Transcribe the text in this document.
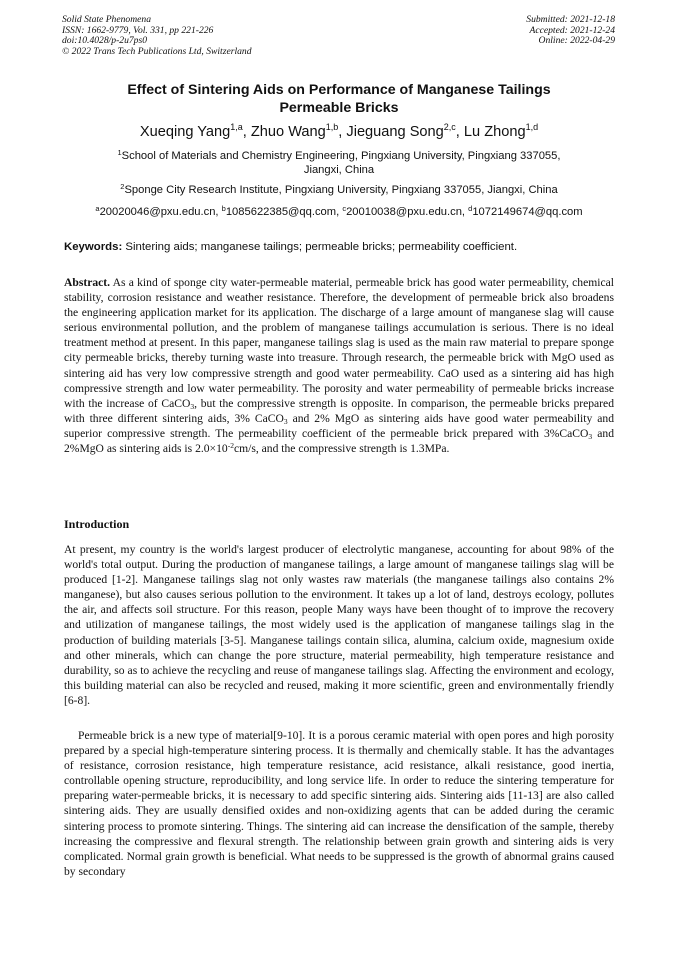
Solid State Phenomena
ISSN: 1662-9779, Vol. 331, pp 221-226
doi:10.4028/p-2u7ps0
© 2022 Trans Tech Publications Ltd, Switzerland
Submitted: 2021-12-18
Accepted: 2021-12-24
Online: 2022-04-29
Effect of Sintering Aids on Performance of Manganese Tailings
Permeable Bricks
Xueqing Yang$^{1,a}$, Zhuo Wang$^{1,b}$, Jieguang Song$^{2,c}$, Lu Zhong$^{1,d}$
$^1$School of Materials and Chemistry Engineering, Pingxiang University, Pingxiang 337055,
Jiangxi, China
$^2$Sponge City Research Institute, Pingxiang University, Pingxiang 337055, Jiangxi, China
$^a$20020046@pxu.edu.cn, $^b$1085622385@qq.com, $^c$20010038@pxu.edu.cn, $^d$1072149674@qq.com
Keywords: Sintering aids; manganese tailings; permeable bricks; permeability coefficient.
Abstract. As a kind of sponge city water-permeable material, permeable brick has good water permeability, chemical stability, corrosion resistance and weather resistance. Therefore, the development of permeable brick also broadens the engineering application market for its application. The discharge of a large amount of manganese slag will cause serious environmental pollution, and the problem of manganese tailings accumulation is serious. There is no ideal treatment method at present. In this paper, manganese tailings slag is used as the main raw material to prepare sponge city permeable bricks, thereby turning waste into treasure. Through research, the permeable brick with MgO used as sintering aid has very low compressive strength and good water permeability. CaO used as a sintering aid has high compressive strength and low water permeability. The porosity and water permeability of permeable bricks increase with the increase of CaCO$_3$, but the compressive strength is opposite. In comparison, the permeable bricks prepared with three different sintering aids, 3% CaCO$_3$ and 2% MgO as sintering aids have good water permeability and superior compressive strength. The permeability coefficient of the permeable brick prepared with 3%CaCO$_3$ and 2%MgO as sintering aids is $2.0\times 10^{-2}cm/s$, and the compressive strength is 1.3MPa.
Introduction
At present, my country is the world's largest producer of electrolytic manganese, accounting for about 98% of the world's total output. During the production of manganese tailings, a large amount of manganese tailings slag will be produced [1-2]. Manganese tailings slag not only wastes raw materials (the manganese tailings also contains 2% manganese), but also causes serious pollution to the environment. It takes up a lot of land, destroys ecology, pollutes the air, and affects soil structure. For this reason, people Many ways have been thought of to improve the recovery and utilization of manganese tailings, the most widely used is the application of manganese tailings slag in the production of building materials [3-5]. Manganese tailings contain silica, alumina, calcium oxide, magnesium oxide and other minerals, which can change the pore structure, material permeability, high temperature resistance and durability, so as to achieve the recycling and reuse of manganese tailings slag. Affecting the environment and ecology, this building material can also be recycled and reused, making it more scientific, green and environmentally friendly [6-8].
Permeable brick is a new type of material[9-10]. It is a porous ceramic material with open pores and high porosity prepared by a special high-temperature sintering process. It is thermally and chemically stable. It has the advantages of resistance, corrosion resistance, high temperature resistance, acid resistance, alkali resistance, good inertia, controllable opening structure, reproducibility, and long service life. In order to reduce the sintering temperature for preparing water-permeable bricks, it is necessary to add specific sintering aids. Sintering aids [11-13] are also called sintering aids. They are usually densified oxides and non-oxidizing agents that can be added during the ceramic sintering process to promote sintering. Things. The sintering aid can increase the densification of the sample, thereby increasing the compressive and flexural strength. The relationship between grain growth and sintering aids is very complicated. Normal grain growth is beneficial. What needs to be suppressed is the growth of abnormal grains caused by secondary
